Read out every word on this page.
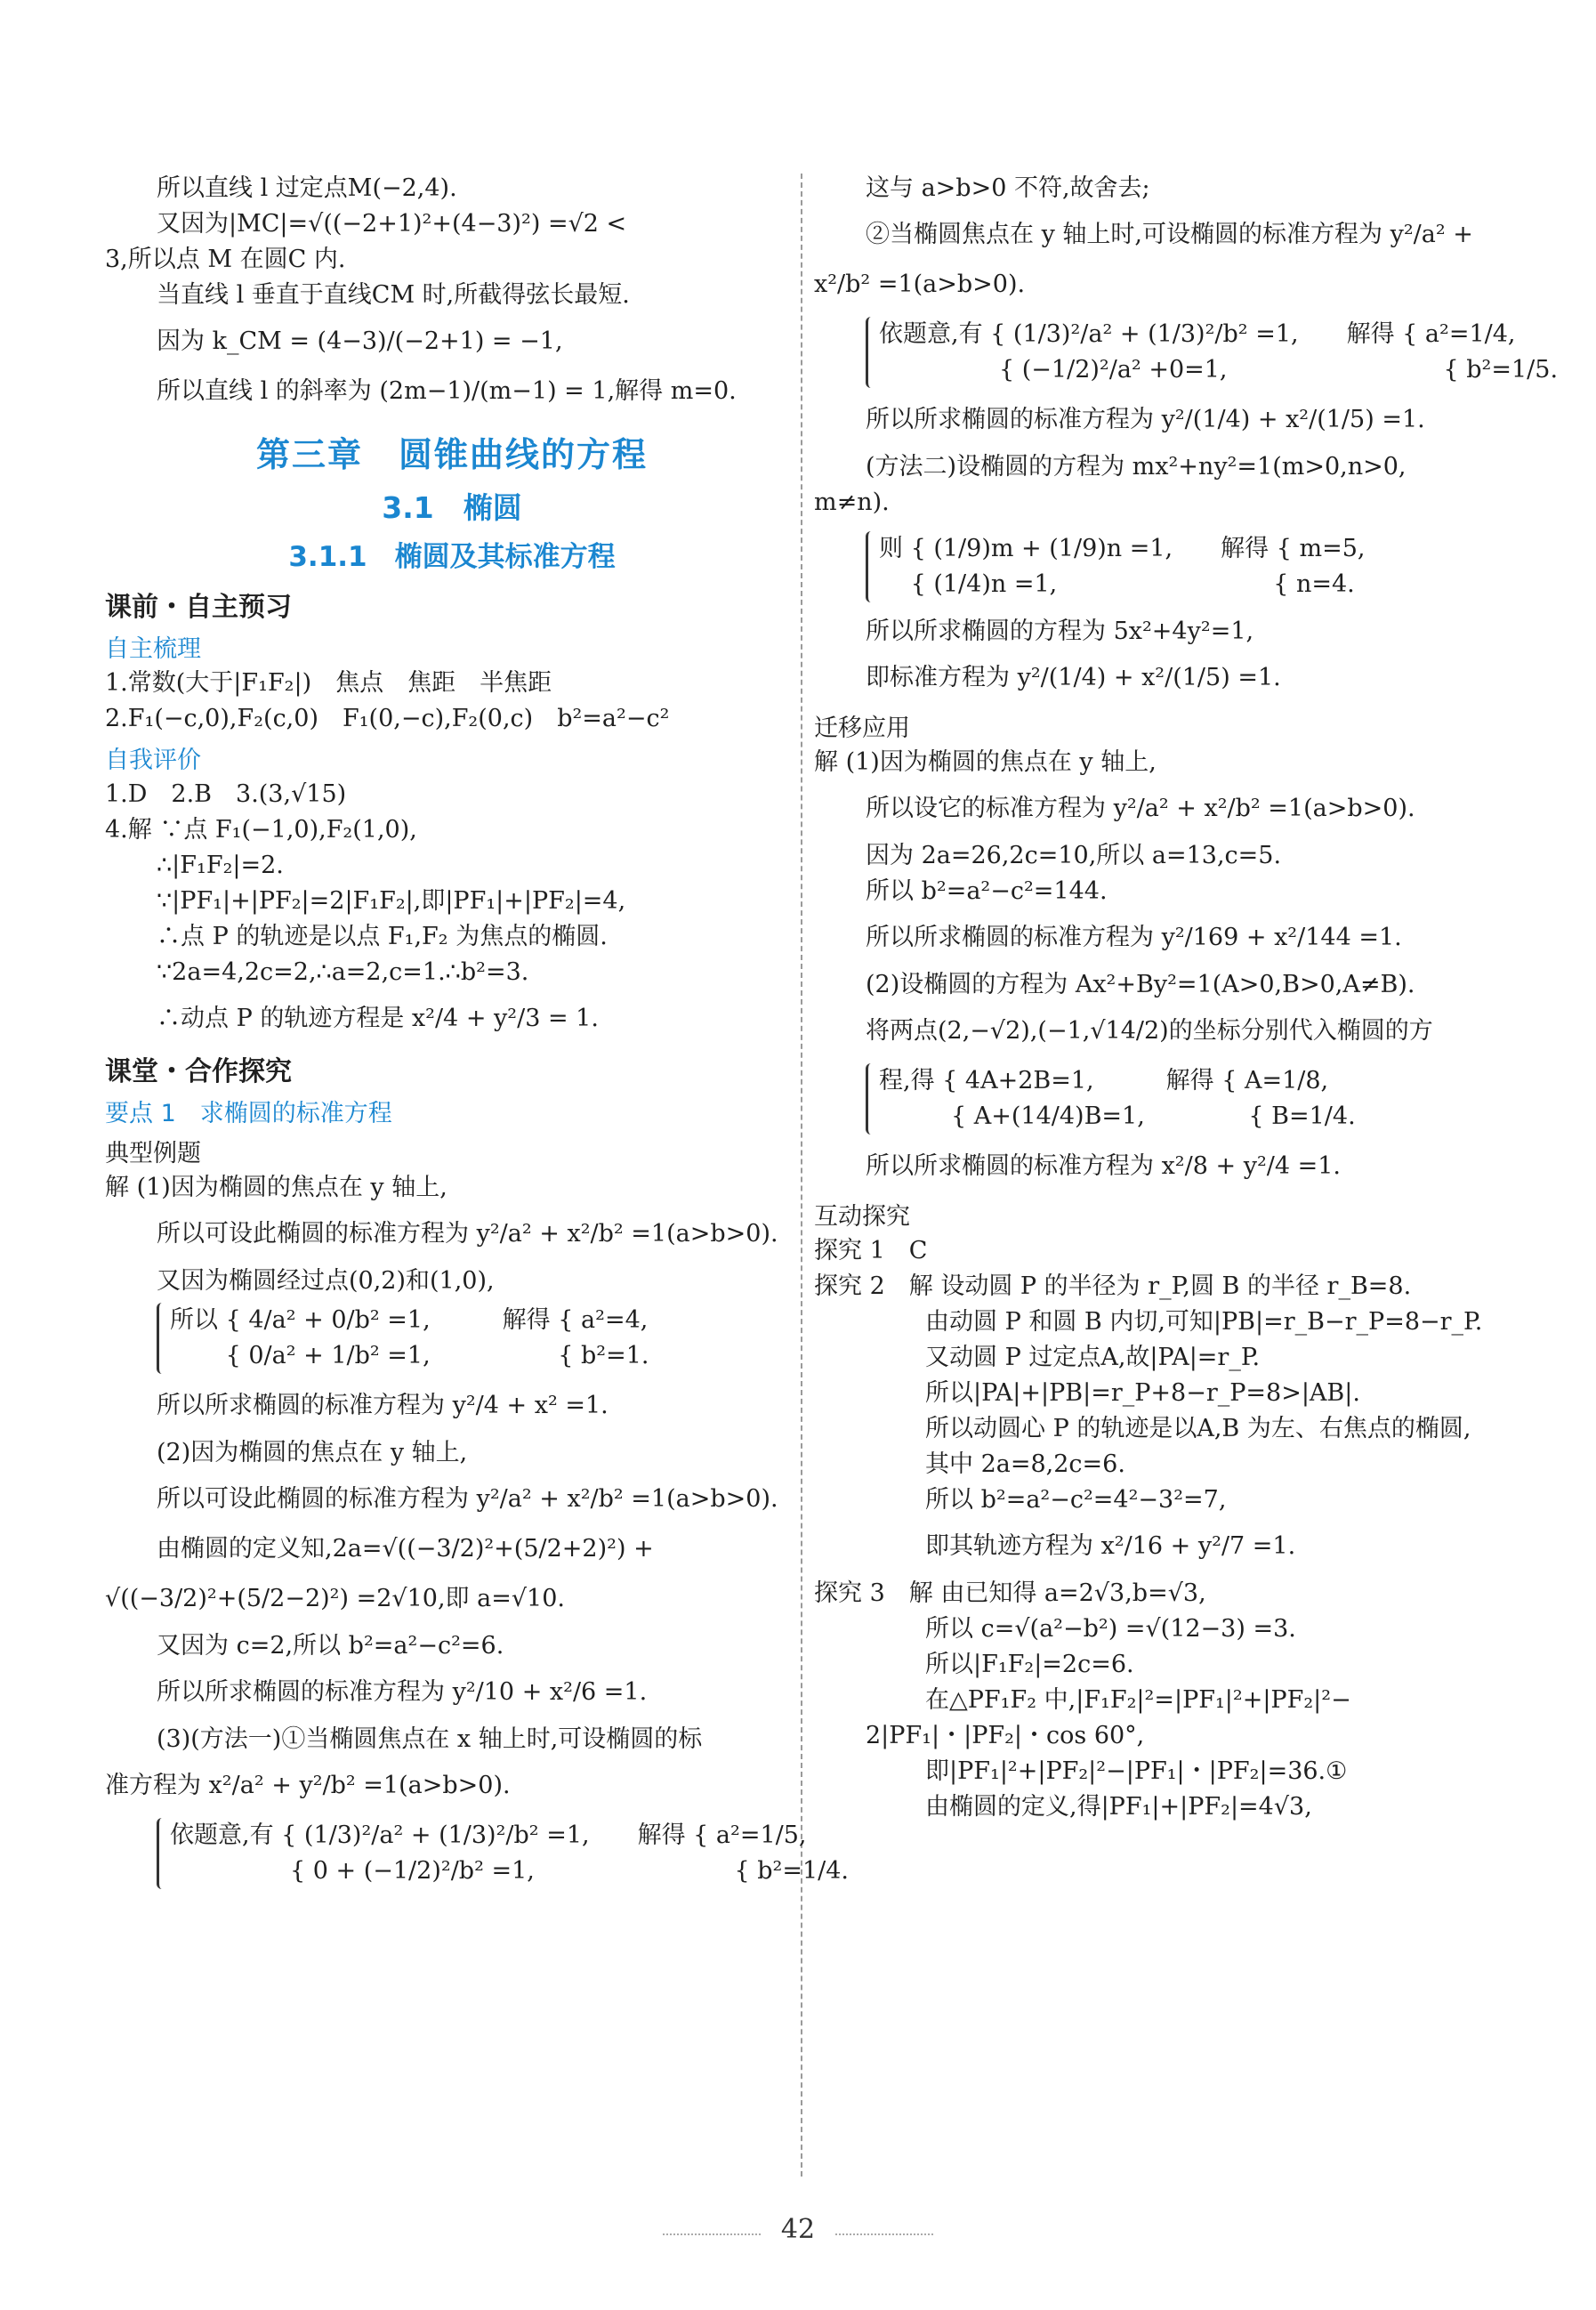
所以直线 l 过定点M(−2,4).
又因为|MC|=√((−2+1)²+(4−3)²) =√2 <
3,所以点 M 在圆C 内.
当直线 l 垂直于直线CM 时,所截得弦长最短.
因为 k_CM = (4−3)/(−2+1) = −1,
所以直线 l 的斜率为 (2m−1)/(m−1) = 1,解得 m=0.
第三章　圆锥曲线的方程
3.1　椭圆
3.1.1　椭圆及其标准方程
课前・自主预习
自主梳理
1.常数(大于|F₁F₂|)　焦点　焦距　半焦距
2.F₁(−c,0),F₂(c,0)　F₁(0,−c),F₂(0,c)　b²=a²−c²
自我评价
1.D　2.B　3.(3,√15)
4.解 ∵点 F₁(−1,0),F₂(1,0),
∴|F₁F₂|=2.
∵|PF₁|+|PF₂|=2|F₁F₂|,即|PF₁|+|PF₂|=4,
∴点 P 的轨迹是以点 F₁,F₂ 为焦点的椭圆.
∵2a=4,2c=2,∴a=2,c=1.∴b²=3.
∴动点 P 的轨迹方程是 x²/4 + y²/3 = 1.
课堂・合作探究
要点 1　求椭圆的标准方程
典型例题
解 (1)因为椭圆的焦点在 y 轴上,
所以可设此椭圆的标准方程为 y²/a² + x²/b² =1(a>b>0).
又因为椭圆经过点(0,2)和(1,0),
所以 { 4/a² + 0/b² =1,　　　解得 { a²=4,
　　 { 0/a² + 1/b² =1,　　　　　 { b²=1.
所以所求椭圆的标准方程为 y²/4 + x² =1.
(2)因为椭圆的焦点在 y 轴上,
所以可设此椭圆的标准方程为 y²/a² + x²/b² =1(a>b>0).
由椭圆的定义知,2a=√((−3/2)²+(5/2+2)²) +
√((−3/2)²+(5/2−2)²) =2√10,即 a=√10.
又因为 c=2,所以 b²=a²−c²=6.
所以所求椭圆的标准方程为 y²/10 + x²/6 =1.
(3)(方法一)①当椭圆焦点在 x 轴上时,可设椭圆的标
准方程为 x²/a² + y²/b² =1(a>b>0).
依题意,有 { (1/3)²/a² + (1/3)²/b² =1,　　解得 { a²=1/5,
　　　　　{ 0 + (−1/2)²/b² =1,　　　　　　　　 { b²=1/4.
这与 a>b>0 不符,故舍去;
②当椭圆焦点在 y 轴上时,可设椭圆的标准方程为 y²/a² +
x²/b² =1(a>b>0).
依题意,有 { (1/3)²/a² + (1/3)²/b² =1,　　解得 { a²=1/4,
　　　　　{ (−1/2)²/a² +0=1,　　　　　　　　　{ b²=1/5.
所以所求椭圆的标准方程为 y²/(1/4) + x²/(1/5) =1.
(方法二)设椭圆的方程为 mx²+ny²=1(m>0,n>0,
m≠n).
则 { (1/9)m + (1/9)n =1,　　解得 { m=5,
　 { (1/4)n =1,　　　　　　　　　{ n=4.
所以所求椭圆的方程为 5x²+4y²=1,
即标准方程为 y²/(1/4) + x²/(1/5) =1.
迁移应用
解 (1)因为椭圆的焦点在 y 轴上,
所以设它的标准方程为 y²/a² + x²/b² =1(a>b>0).
因为 2a=26,2c=10,所以 a=13,c=5.
所以 b²=a²−c²=144.
所以所求椭圆的标准方程为 y²/169 + x²/144 =1.
(2)设椭圆的方程为 Ax²+By²=1(A>0,B>0,A≠B).
将两点(2,−√2),(−1,√14/2)的坐标分别代入椭圆的方
程,得 { 4A+2B=1,　　　解得 { A=1/8,
　　　{ A+(14/4)B=1,　　　　 { B=1/4.
所以所求椭圆的标准方程为 x²/8 + y²/4 =1.
互动探究
探究 1　C
探究 2　解 设动圆 P 的半径为 r_P,圆 B 的半径 r_B=8.
由动圆 P 和圆 B 内切,可知|PB|=r_B−r_P=8−r_P.
又动圆 P 过定点A,故|PA|=r_P.
所以|PA|+|PB|=r_P+8−r_P=8>|AB|.
所以动圆心 P 的轨迹是以A,B 为左、右焦点的椭圆,
其中 2a=8,2c=6.
所以 b²=a²−c²=4²−3²=7,
即其轨迹方程为 x²/16 + y²/7 =1.
探究 3　解 由已知得 a=2√3,b=√3,
所以 c=√(a²−b²) =√(12−3) =3.
所以|F₁F₂|=2c=6.
在△PF₁F₂ 中,|F₁F₂|²=|PF₁|²+|PF₂|²−
2|PF₁|・|PF₂|・cos 60°,
即|PF₁|²+|PF₂|²−|PF₁|・|PF₂|=36.①
由椭圆的定义,得|PF₁|+|PF₂|=4√3,
42
